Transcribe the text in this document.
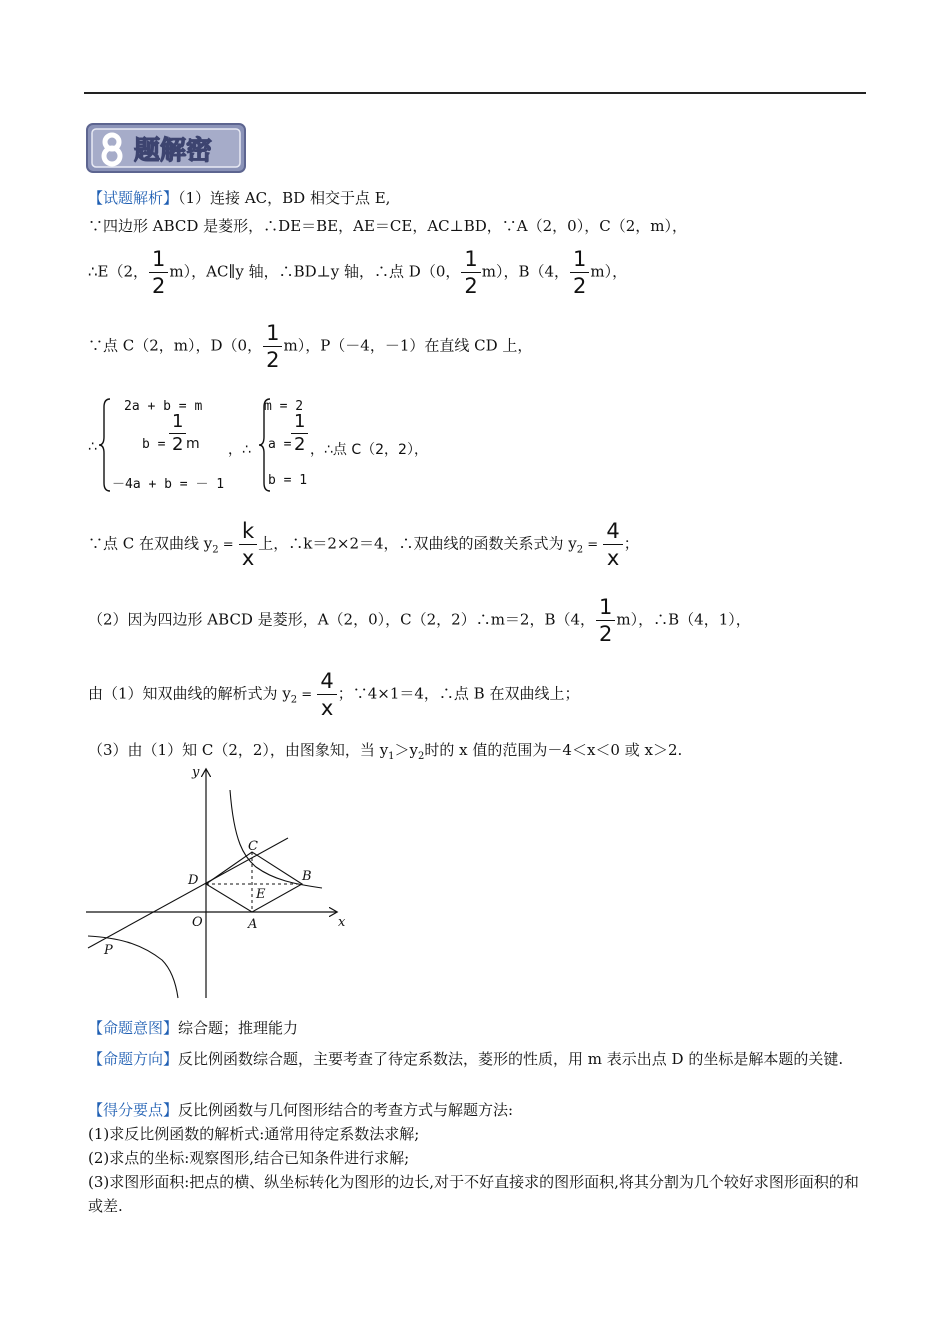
题解密
【试题解析】（1）连接 AC，BD 相交于点 E,
∵四边形 ABCD 是菱形，∴DE＝BE，AE＝CE，AC⊥BD，∵A（2，0），C（2，m），
∴E（2， $\frac{1}{2} m$），AC∥y 轴，∴BD⊥y 轴，∴点 D（0， $\frac{1}{2} m$），B（4， $\frac{1}{2} m$），
∵点 C（2，m），D（0， $\frac{1}{2} m$），P（－4，－1）在直线 CD 上，
∴
2a + b = m
$b = \frac{1}{2}$ m
－4a + b = － 1
，∴
m = 2
$a = \frac{1}{2}$ ，∴点 C（2，2），
b = 1
∵点 C 在双曲线 $y_2 = \frac{k}{x}$ 上，∴k＝2×2＝4，∴双曲线的函数关系式为 $y_2 = \frac{4}{x}$ ；
（2）因为四边形 ABCD 是菱形，A（2，0），C（2，2）∴m＝2，B（4， $\frac{1}{2} m$），∴B（4，1），
由（1）知双曲线的解析式为 $y_2 = \frac{4}{x}$ ；∵4×1＝4，∴点 B 在双曲线上；
（3）由（1）知 C（2，2），由图象知，当 $y_1>y_2$时的 x 值的范围为－4＜x＜0 或 x＞2.
y
x
C
B
D
E
O	A
P
【命题意图】综合题；推理能力
【命题方向】反比例函数综合题，主要考查了待定系数法，菱形的性质，用 m 表示出点 D 的坐标是解本题的关键.
【得分要点】反比例函数与几何图形结合的考查方式与解题方法:
(1)求反比例函数的解析式:通常用待定系数法求解;
(2)求点的坐标:观察图形,结合已知条件进行求解;
(3)求图形面积:把点的横、纵坐标转化为图形的边长,对于不好直接求的图形面积,将其分割为几个较好求图形面积的和或差.
